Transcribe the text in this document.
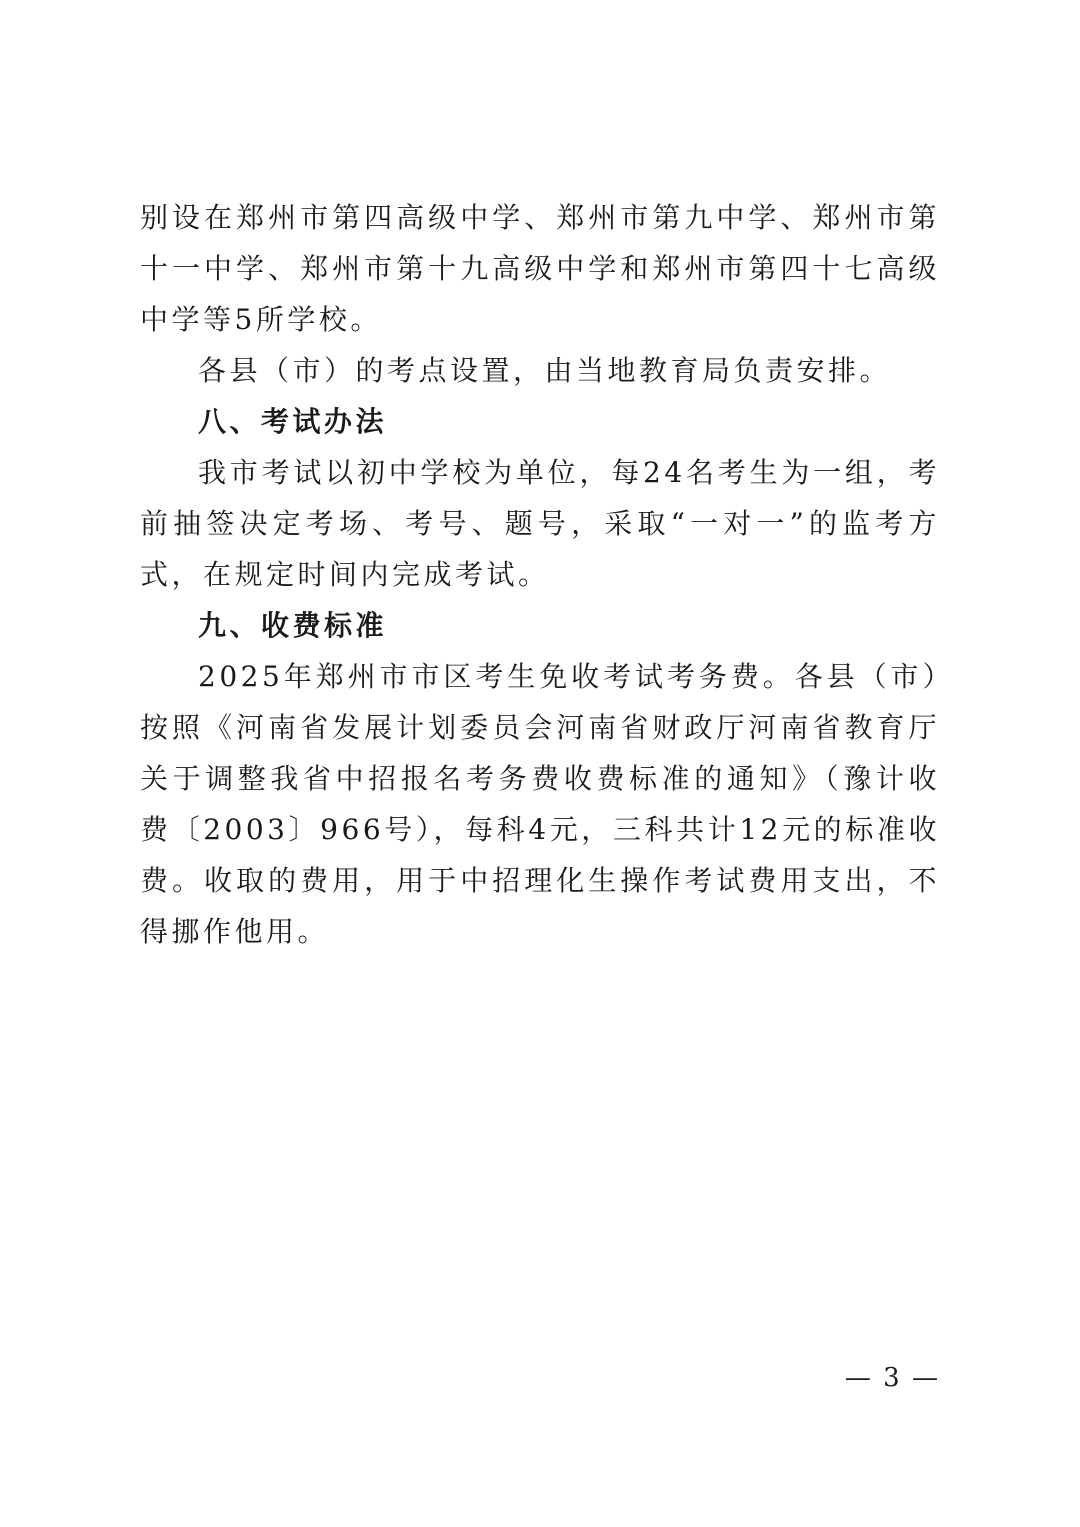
别设在郑州市第四高级中学、郑州市第九中学、郑州市第十一中学、郑州市第十九高级中学和郑州市第四十七高级中学等5所学校。

各县（市）的考点设置，由当地教育局负责安排。

八、考试办法

我市考试以初中学校为单位，每24名考生为一组，考前抽签决定考场、考号、题号，采取“一对一”的监考方式，在规定时间内完成考试。

九、收费标准

2025年郑州市市区考生免收考试考务费。各县（市）按照《河南省发展计划委员会河南省财政厅河南省教育厅关于调整我省中招报名考务费收费标准的通知》（豫计收费〔2003〕966号），每科4元，三科共计12元的标准收费。收取的费用，用于中招理化生操作考试费用支出，不得挪作他用。

— 3 —
